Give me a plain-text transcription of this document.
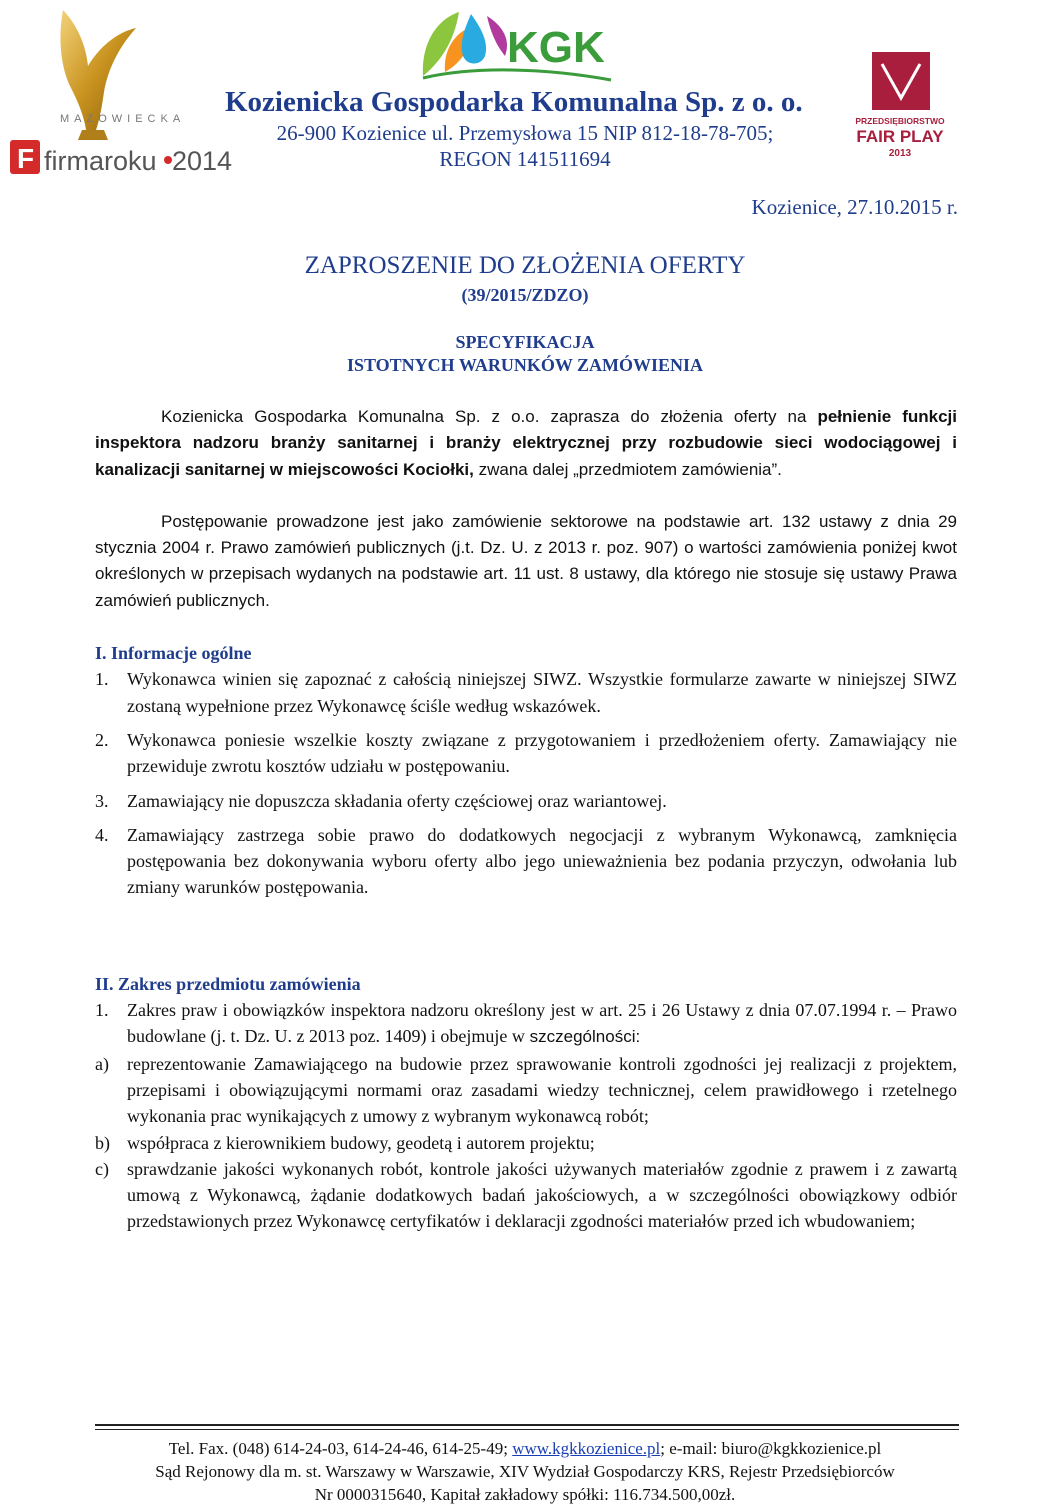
MAZOWIECKA
F firmaroku 2014
KGK
PRZEDSIĘBIORSTWO
FAIR PLAY
2013
Kozienicka Gospodarka Komunalna Sp. z o. o.
26-900 Kozienice ul. Przemysłowa 15 NIP 812-18-78-705;
REGON 141511694
Kozienice, 27.10.2015 r.
ZAPROSZENIE DO ZŁOŻENIA OFERTY
(39/2015/ZDZO)
SPECYFIKACJA
ISTOTNYCH WARUNKÓW ZAMÓWIENIA

Kozienicka Gospodarka Komunalna Sp. z o.o. zaprasza do złożenia oferty na pełnienie funkcji inspektora nadzoru branży sanitarnej i branży elektrycznej przy rozbudowie sieci wodociągowej i kanalizacji sanitarnej w miejscowości Kociołki, zwana dalej „przedmiotem zamówienia”.

Postępowanie prowadzone jest jako zamówienie sektorowe na podstawie art. 132 ustawy z dnia 29 stycznia 2004 r. Prawo zamówień publicznych (j.t. Dz. U. z 2013 r. poz. 907) o wartości zamówienia poniżej kwot określonych w przepisach wydanych na podstawie art. 11 ust. 8 ustawy, dla którego nie stosuje się ustawy Prawa zamówień publicznych.

I. Informacje ogólne

1.	Wykonawca winien się zapoznać z całością niniejszej SIWZ. Wszystkie formularze zawarte w niniejszej SIWZ zostaną wypełnione przez Wykonawcę ściśle według wskazówek.
2.	Wykonawca poniesie wszelkie koszty związane z przygotowaniem i przedłożeniem oferty. Zamawiający nie przewiduje zwrotu kosztów udziału w postępowaniu.
3.	Zamawiający nie dopuszcza składania oferty częściowej oraz wariantowej.
4.	Zamawiający zastrzega sobie prawo do dodatkowych negocjacji z wybranym Wykonawcą, zamknięcia postępowania bez dokonywania wyboru oferty albo jego unieważnienia bez podania przyczyn, odwołania lub zmiany warunków postępowania.

II. Zakres przedmiotu zamówienia

1.	Zakres praw i obowiązków inspektora nadzoru określony jest w art. 25 i 26 Ustawy z dnia 07.07.1994 r. – Prawo budowlane (j. t. Dz. U. z 2013 poz. 1409) i obejmuje w szczególności:
a)	reprezentowanie Zamawiającego na budowie przez sprawowanie kontroli zgodności jej realizacji z projektem, przepisami i obowiązującymi normami oraz zasadami wiedzy technicznej, celem prawidłowego i rzetelnego wykonania prac wynikających z umowy z wybranym wykonawcą robót;
b) współpraca z kierownikiem budowy, geodetą i autorem projektu;
c)	sprawdzanie jakości wykonanych robót, kontrole jakości używanych materiałów zgodnie z prawem i z zawartą umową z Wykonawcą, żądanie dodatkowych badań jakościowych, a w szczególności obowiązkowy odbiór przedstawionych przez Wykonawcę certyfikatów i deklaracji zgodności materiałów przed ich wbudowaniem;
Tel. Fax. (048) 614-24-03, 614-24-46, 614-25-49; www.kgkkozienice.pl; e-mail: biuro@kgkkozienice.pl
Sąd Rejonowy dla m. st. Warszawy w Warszawie, XIV Wydział Gospodarczy KRS, Rejestr Przedsiębiorców
Nr 0000315640, Kapitał zakładowy spółki: 116.734.500,00zł.
